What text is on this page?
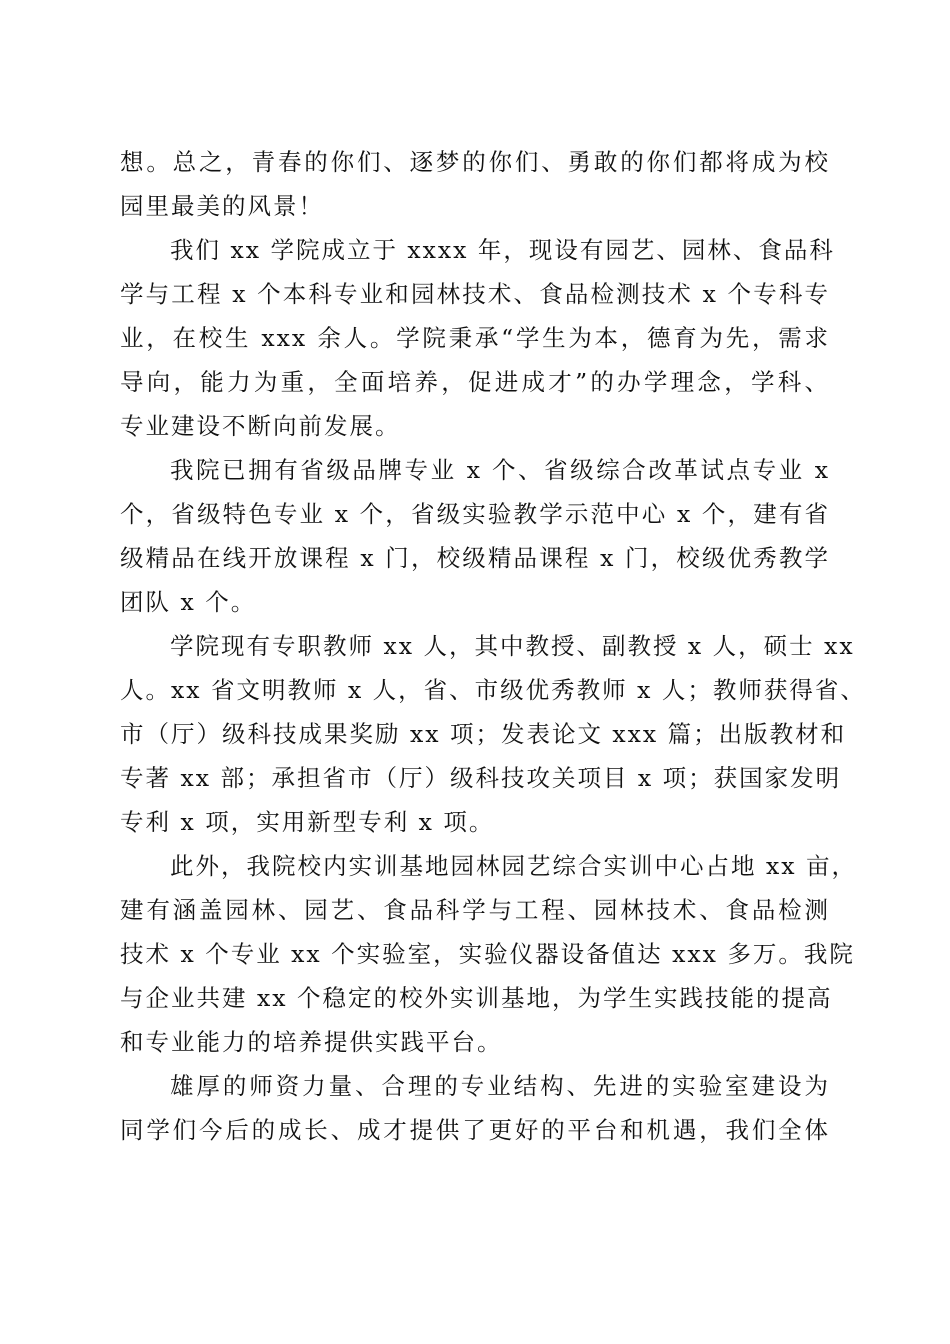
想。总之，青春的你们、逐梦的你们、勇敢的你们都将成为校
园里最美的风景！
我们 xx 学院成立于 xxxx 年，现设有园艺、园林、食品科
学与工程 x 个本科专业和园林技术、食品检测技术 x 个专科专
业，在校生 xxx 余人。学院秉承“学生为本，德育为先，需求
导向，能力为重，全面培养，促进成才”的办学理念，学科、
专业建设不断向前发展。
我院已拥有省级品牌专业 x 个、省级综合改革试点专业 x
个，省级特色专业 x 个，省级实验教学示范中心 x 个，建有省
级精品在线开放课程 x 门，校级精品课程 x 门，校级优秀教学
团队 x 个。
学院现有专职教师 xx 人，其中教授、副教授 x 人，硕士 xx
人。xx 省文明教师 x 人，省、市级优秀教师 x 人；教师获得省、
市（厅）级科技成果奖励 xx 项；发表论文 xxx 篇；出版教材和
专著 xx 部；承担省市（厅）级科技攻关项目 x 项；获国家发明
专利 x 项，实用新型专利 x 项。
此外，我院校内实训基地园林园艺综合实训中心占地 xx 亩，
建有涵盖园林、园艺、食品科学与工程、园林技术、食品检测
技术 x 个专业 xx 个实验室，实验仪器设备值达 xxx 多万。我院
与企业共建 xx 个稳定的校外实训基地，为学生实践技能的提高
和专业能力的培养提供实践平台。
雄厚的师资力量、合理的专业结构、先进的实验室建设为
同学们今后的成长、成才提供了更好的平台和机遇，我们全体
